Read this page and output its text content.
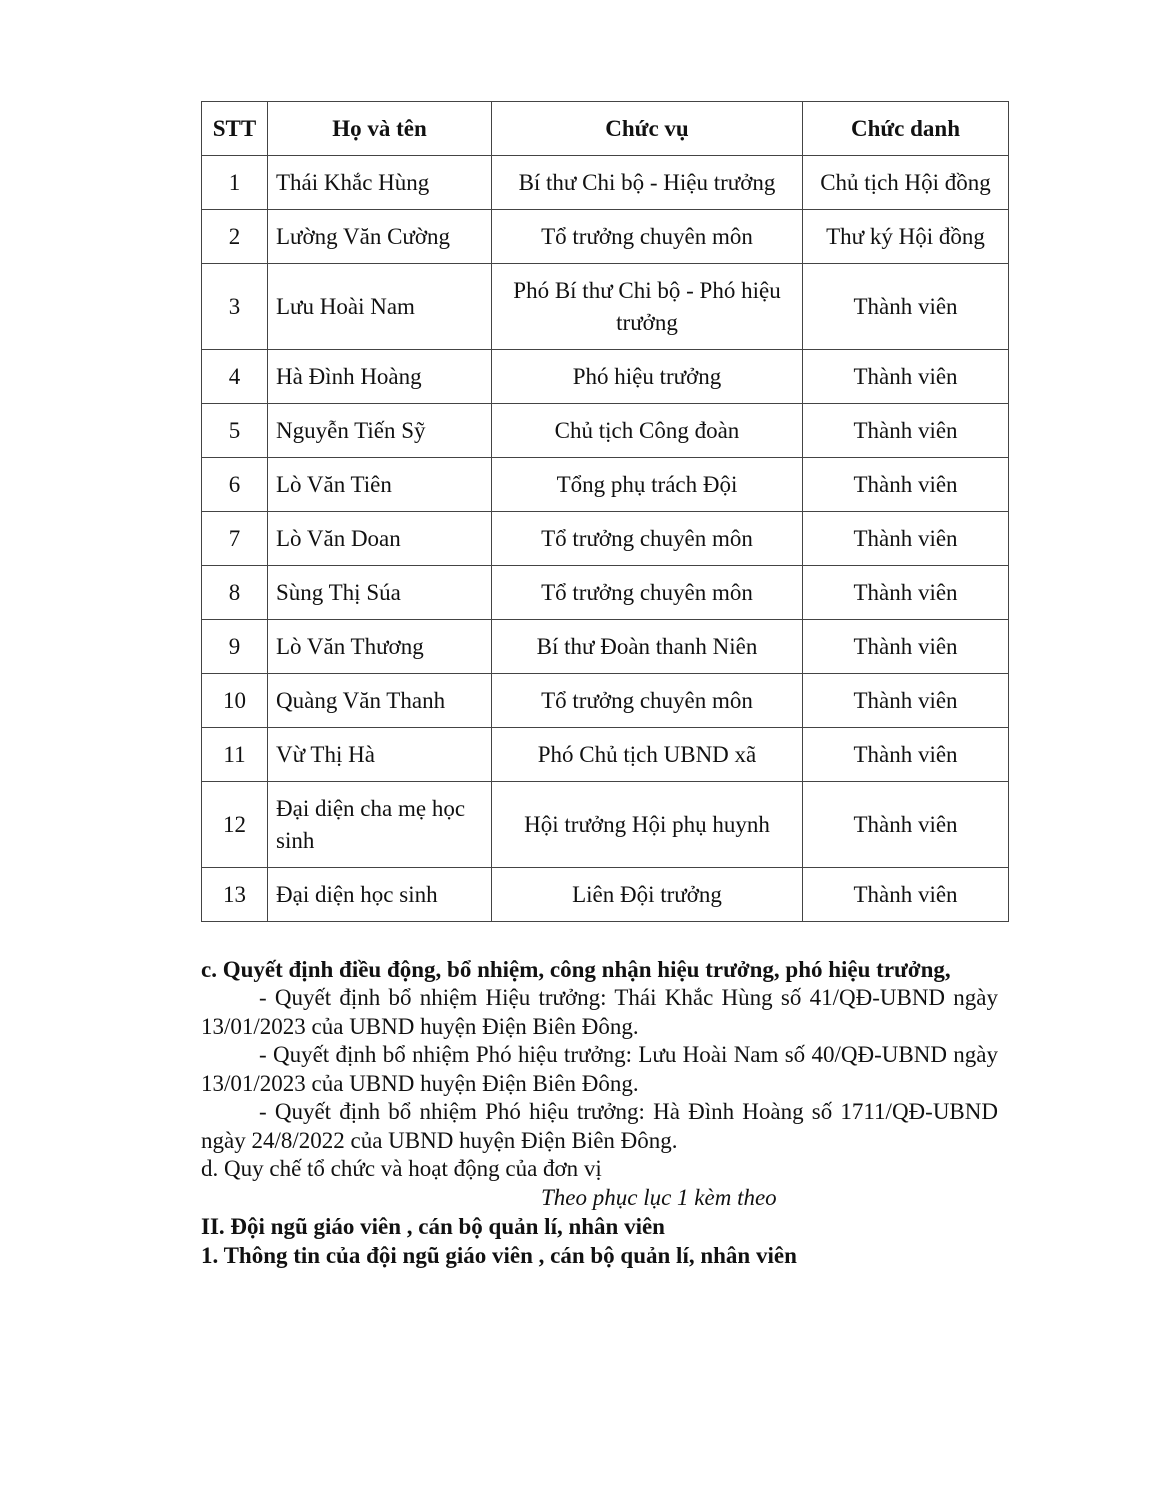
STT	Họ và tên	Chức vụ	Chức danh
1	Thái Khắc Hùng	Bí thư Chi bộ - Hiệu trưởng	Chủ tịch Hội đồng
2	Lường Văn Cường	Tổ trưởng chuyên môn	Thư ký Hội đồng
3	Lưu Hoài Nam	Phó Bí thư Chi bộ - Phó hiệu trưởng	Thành viên
4	Hà Đình Hoàng	Phó hiệu trưởng	Thành viên
5	Nguyễn Tiến Sỹ	Chủ tịch Công đoàn	Thành viên
6	Lò Văn Tiên	Tổng phụ trách Đội	Thành viên
7	Lò Văn Doan	Tổ trưởng chuyên môn	Thành viên
8	Sùng Thị Súa	Tổ trưởng chuyên môn	Thành viên
9	Lò Văn Thương	Bí thư Đoàn thanh Niên	Thành viên
10	Quàng Văn Thanh	Tổ trưởng chuyên môn	Thành viên
11	Vừ Thị Hà	Phó Chủ tịch UBND xã	Thành viên
12	Đại diện cha mẹ học sinh	Hội trưởng Hội phụ huynh	Thành viên
13	Đại diện học sinh	Liên Đội trưởng	Thành viên
c. Quyết định điều động, bổ nhiệm, công nhận hiệu trưởng, phó hiệu trưởng,
- Quyết định bổ nhiệm Hiệu trưởng: Thái Khắc Hùng số 41/QĐ-UBND ngày 13/01/2023 của UBND huyện Điện Biên Đông.
- Quyết định bổ nhiệm Phó hiệu trưởng: Lưu Hoài Nam số 40/QĐ-UBND ngày 13/01/2023 của UBND huyện Điện Biên Đông.
- Quyết định bổ nhiệm Phó hiệu trưởng: Hà Đình Hoàng số 1711/QĐ-UBND ngày 24/8/2022 của UBND huyện Điện Biên Đông.
d. Quy chế tổ chức và hoạt động của đơn vị
Theo phục lục 1 kèm theo
II. Đội ngũ giáo viên , cán bộ quản lí, nhân viên
1. Thông tin của đội ngũ giáo viên , cán bộ quản lí, nhân viên
